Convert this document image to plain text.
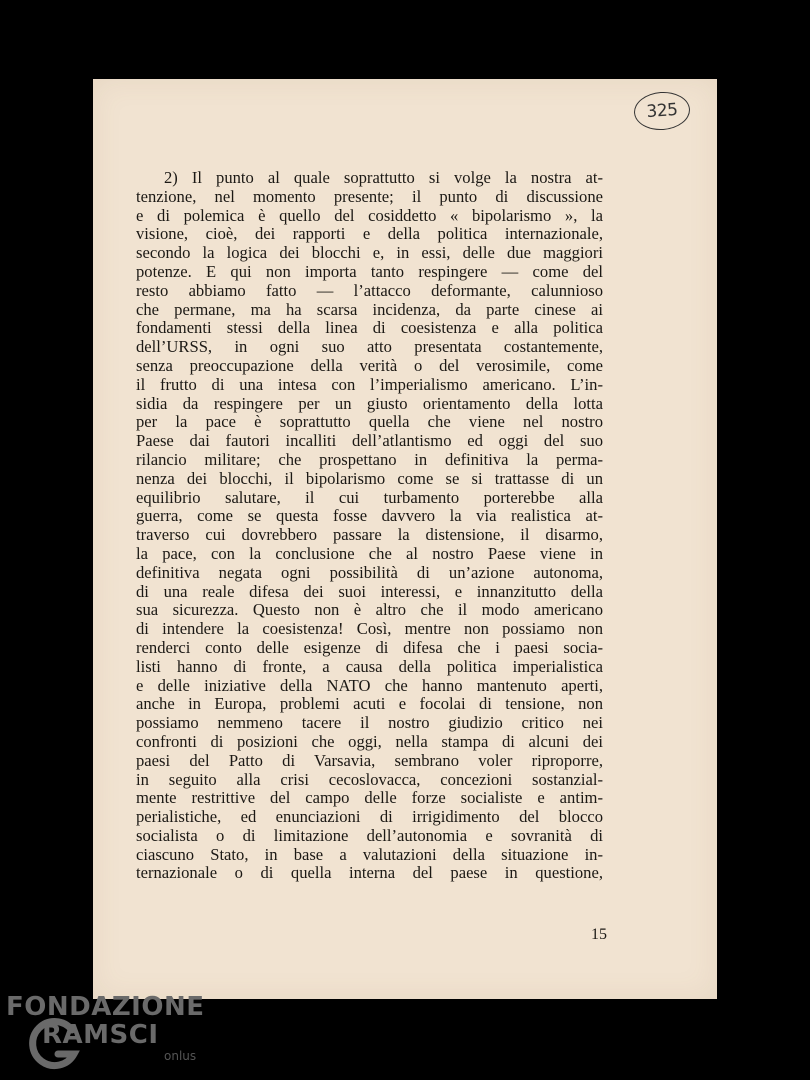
325
2) Il punto al quale soprattutto si volge la nostra at-
tenzione, nel momento presente; il punto di discussione
e di polemica è quello del cosiddetto « bipolarismo », la
visione, cioè, dei rapporti e della politica internazionale,
secondo la logica dei blocchi e, in essi, delle due maggiori
potenze. E qui non importa tanto respingere — come del
resto abbiamo fatto — l’attacco deformante, calunnioso
che permane, ma ha scarsa incidenza, da parte cinese ai
fondamenti stessi della linea di coesistenza e alla politica
dell’URSS, in ogni suo atto presentata costantemente,
senza preoccupazione della verità o del verosimile, come
il frutto di una intesa con l’imperialismo americano. L’in-
sidia da respingere per un giusto orientamento della lotta
per la pace è soprattutto quella che viene nel nostro
Paese dai fautori incalliti dell’atlantismo ed oggi del suo
rilancio militare; che prospettano in definitiva la perma-
nenza dei blocchi, il bipolarismo come se si trattasse di un
equilibrio salutare, il cui turbamento porterebbe alla
guerra, come se questa fosse davvero la via realistica at-
traverso cui dovrebbero passare la distensione, il disarmo,
la pace, con la conclusione che al nostro Paese viene in
definitiva negata ogni possibilità di un’azione autonoma,
di una reale difesa dei suoi interessi, e innanzitutto della
sua sicurezza. Questo non è altro che il modo americano
di intendere la coesistenza! Così, mentre non possiamo non
renderci conto delle esigenze di difesa che i paesi socia-
listi hanno di fronte, a causa della politica imperialistica
e delle iniziative della NATO che hanno mantenuto aperti,
anche in Europa, problemi acuti e focolai di tensione, non
possiamo nemmeno tacere il nostro giudizio critico nei
confronti di posizioni che oggi, nella stampa di alcuni dei
paesi del Patto di Varsavia, sembrano voler riproporre,
in seguito alla crisi cecoslovacca, concezioni sostanzial-
mente restrittive del campo delle forze socialiste e antim-
perialistiche, ed enunciazioni di irrigidimento del blocco
socialista o di limitazione dell’autonomia e sovranità di
ciascuno Stato, in base a valutazioni della situazione in-
ternazionale o di quella interna del paese in questione,
15
FONDAZIONE
RAMSCI
onlus
